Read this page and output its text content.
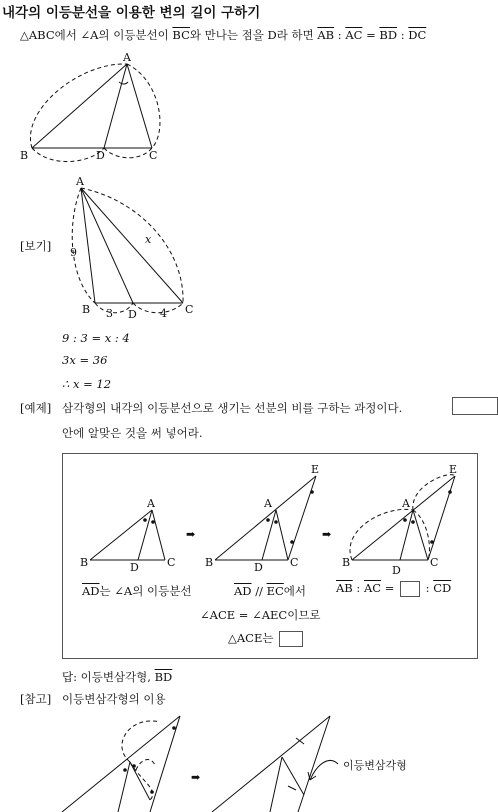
내각의 이등분선을 이용한 변의 길이 구하기
△ABC에서 ∠A의 이등분선이 $\overline{BC}$와 만나는 점을 D라 하면 $\overline{AB}$ : $\overline{AC} = \overline{BD}$ : $\overline{DC}$
A
B	C
D
[보기]
A
B	C
D
9
x
3	4
9 : 3 = x : 4
3x = 36
∴ x = 12
[예제] 삼각형의 내각의 이등분선으로 생기는 선분의 비를 구하는 과정이다.
안에 알맞은 것을 써 넣어라.
A
B	C
D
➡
E
A
B	C
D
➡
E
A
B	C
D
$\overline{AD}$는 ∠A의 이등분선	$\overline{AD} // \overline{EC}$에서	$\overline{AB}$ : $\overline{AC}$ =	: $\overline{CD}$
∠ACE = ∠AEC이므로
△ACE는
답: 이등변삼각형, $\overline{BD}$
[참고] 이등변삼각형의 이용
➡
이등변삼각형
